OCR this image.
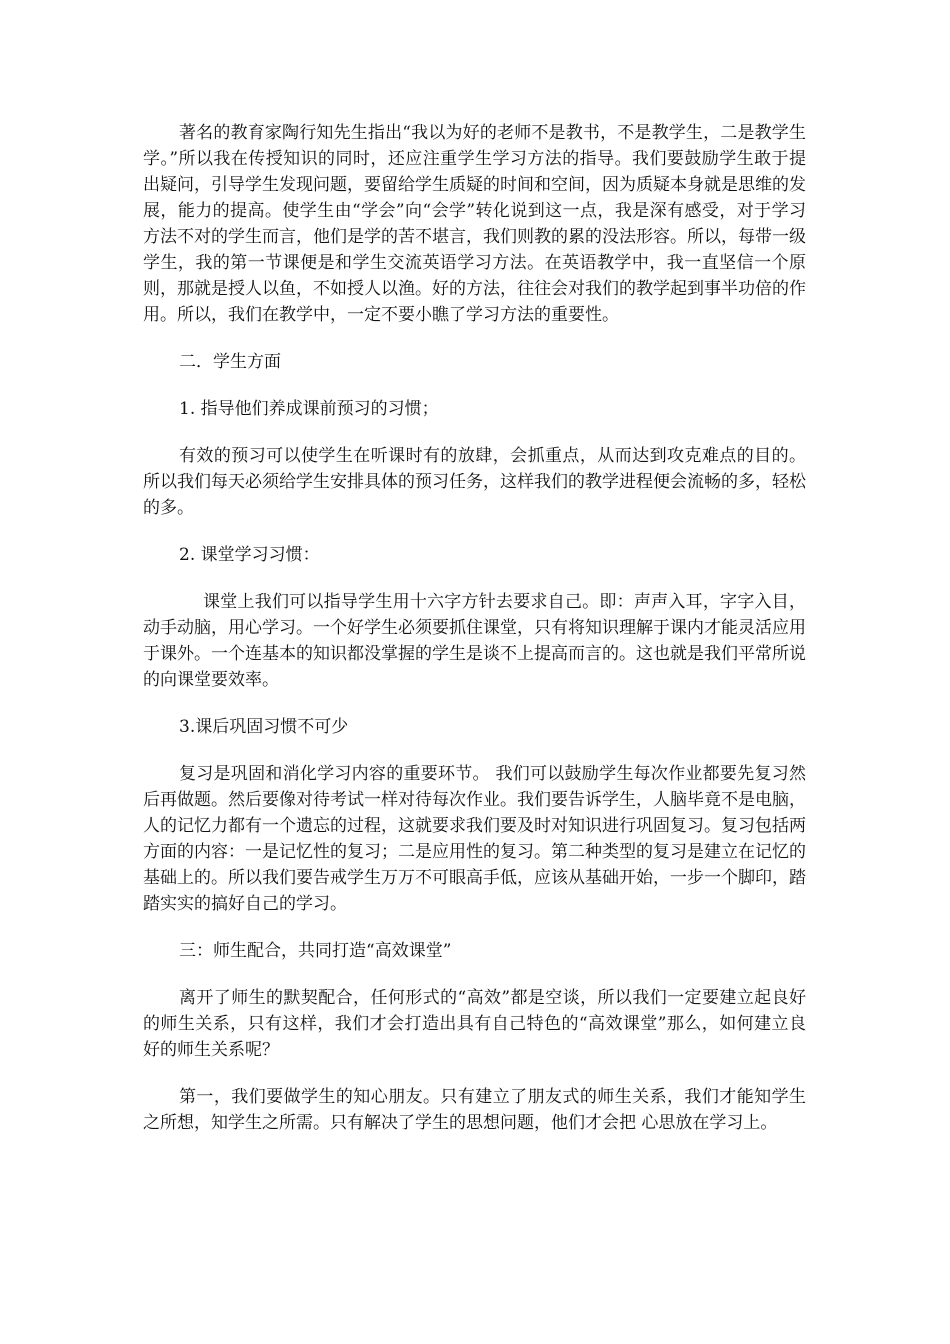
著名的教育家陶行知先生指出“我以为好的老师不是教书，不是教学生，二是教学生学。”所以我在传授知识的同时，还应注重学生学习方法的指导。我们要鼓励学生敢于提出疑问，引导学生发现问题，要留给学生质疑的时间和空间，因为质疑本身就是思维的发展，能力的提高。使学生由“学会”向“会学”转化说到这一点，我是深有感受，对于学习方法不对的学生而言，他们是学的苦不堪言，我们则教的累的没法形容。所以，每带一级学生，我的第一节课便是和学生交流英语学习方法。在英语教学中，我一直坚信一个原则，那就是授人以鱼，不如授人以渔。好的方法，往往会对我们的教学起到事半功倍的作用。所以，我们在教学中，一定不要小瞧了学习方法的重要性。

二．学生方面

1. 指导他们养成课前预习的习惯；

有效的预习可以使学生在听课时有的放肆，会抓重点，从而达到攻克难点的目的。所以我们每天必须给学生安排具体的预习任务，这样我们的教学进程便会流畅的多，轻松的多。

2. 课堂学习习惯：

课堂上我们可以指导学生用十六字方针去要求自己。即：声声入耳，字字入目，动手动脑，用心学习。一个好学生必须要抓住课堂，只有将知识理解于课内才能灵活应用于课外。一个连基本的知识都没掌握的学生是谈不上提高而言的。这也就是我们平常所说的向课堂要效率。

3.课后巩固习惯不可少

复习是巩固和消化学习内容的重要环节。 我们可以鼓励学生每次作业都要先复习然后再做题。然后要像对待考试一样对待每次作业。我们要告诉学生，人脑毕竟不是电脑，人的记忆力都有一个遗忘的过程，这就要求我们要及时对知识进行巩固复习。复习包括两方面的内容：一是记忆性的复习；二是应用性的复习。第二种类型的复习是建立在记忆的基础上的。所以我们要告戒学生万万不可眼高手低，应该从基础开始，一步一个脚印，踏踏实实的搞好自己的学习。

三：师生配合，共同打造“高效课堂”

离开了师生的默契配合，任何形式的“高效”都是空谈，所以我们一定要建立起良好的师生关系，只有这样，我们才会打造出具有自己特色的“高效课堂”那么，如何建立良好的师生关系呢？

第一，我们要做学生的知心朋友。只有建立了朋友式的师生关系，我们才能知学生之所想，知学生之所需。只有解决了学生的思想问题，他们才会把 心思放在学习上。
